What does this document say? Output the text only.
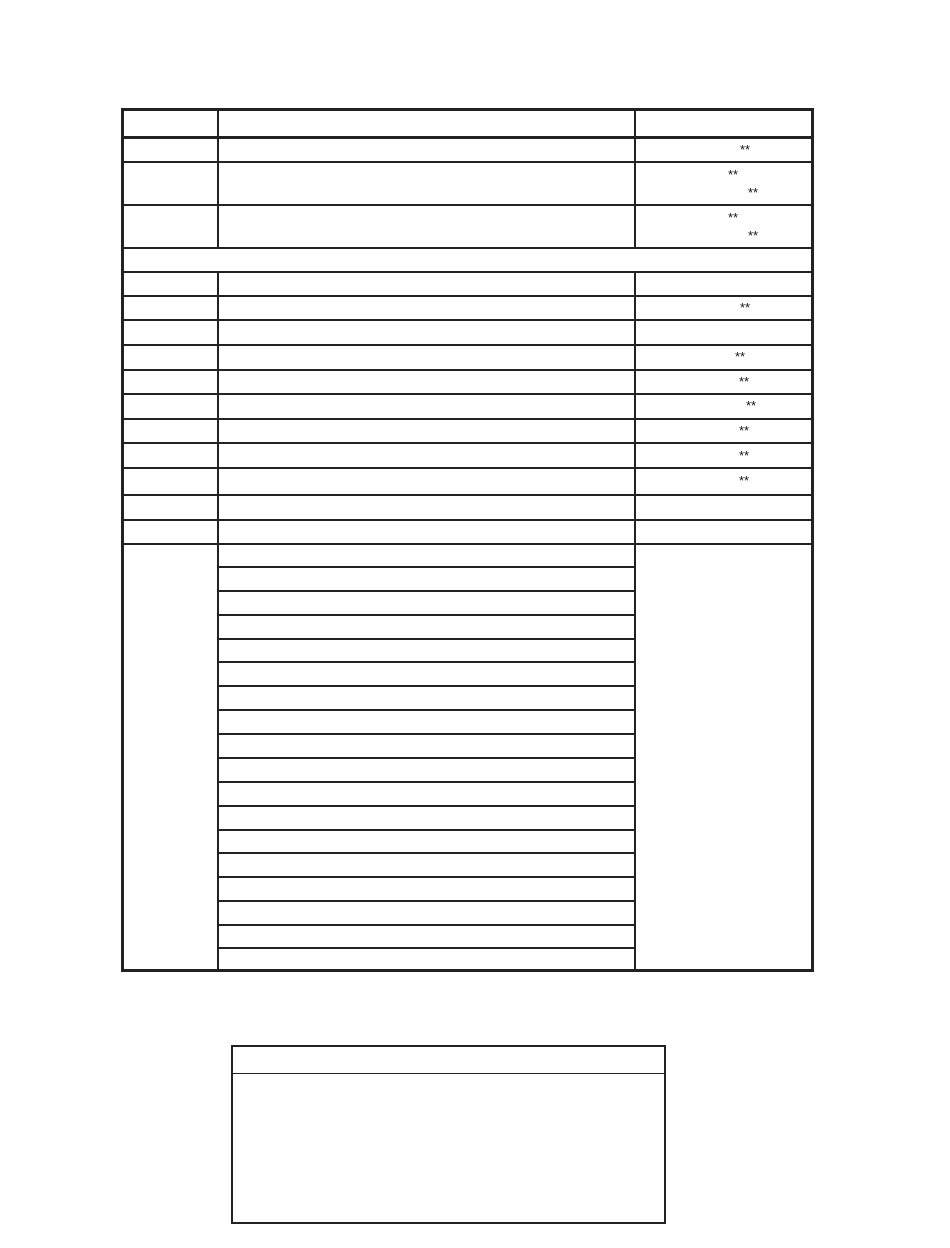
**
**
**
**
**
**
**
**
**
**
**
**
